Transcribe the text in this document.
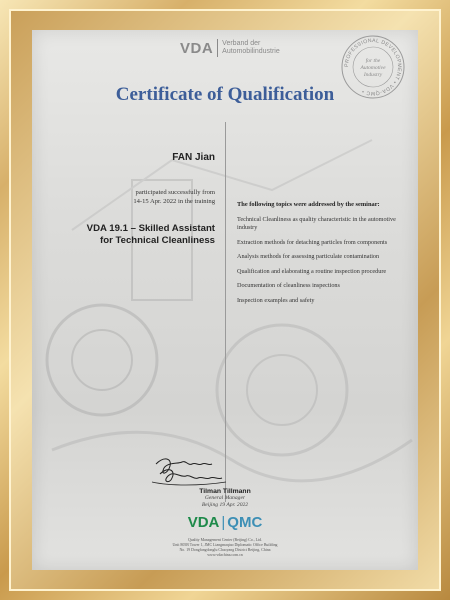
VDA Verband der
Automobilindustrie
PROFESSIONAL DEVELOPMENT • VDA-QMC •
for the
Automotive
Industry
Certificate of Qualification
FAN Jian
participated successfully from
14-15 Apr. 2022 in the training
VDA 19.1 – Skilled Assistant
for Technical Cleanliness
The following topics were addressed by the seminar:
Technical Cleanliness as quality characteristic in the automotive industry
Extraction methods for detaching particles from components
Analysis methods for assessing particulate contamination
Qualification and elaborating a routine inspection procedure
Documentation of cleanliness inspections
Inspection examples and safety
Tilman Tillmann
General Manager
Beijing 19 Apr. 2022
VDA | QMC
Quality Management Center (Beijing) Co., Ltd.
Unit 805B Tower 1, JMC Liangmaqiao Diplomatic Office Building
No. 19 Dongfangdonglu Chaoyang District Beijing, China
www.vdachina.com.cn
